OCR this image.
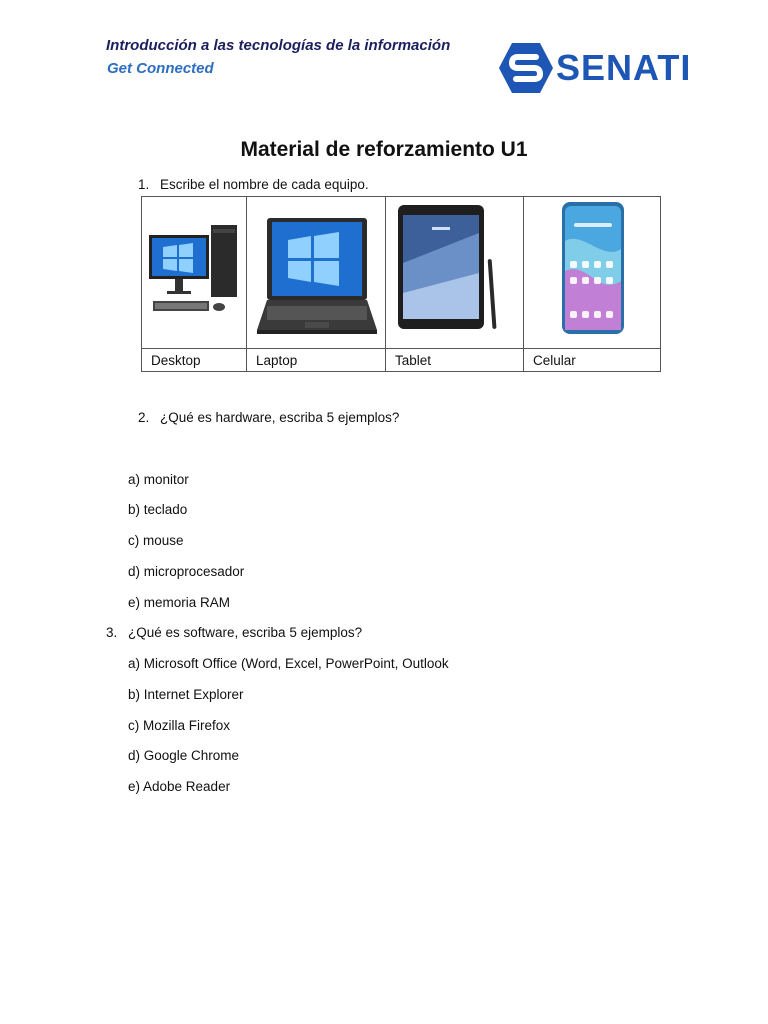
Introducción a las tecnologías de la información
Get Connected	SENATI
Material de reforzamiento U1
1. Escribe el nombre de cada equipo.
Desktop	Laptop	Tablet	Celular
2. ¿Qué es hardware, escriba 5 ejemplos?
a) monitor
b) teclado
c) mouse
d) microprocesador
e) memoria RAM
3. ¿Qué es software, escriba 5 ejemplos?
a) Microsoft Office (Word, Excel, PowerPoint, Outlook
b) Internet Explorer
c) Mozilla Firefox
d) Google Chrome
e) Adobe Reader
